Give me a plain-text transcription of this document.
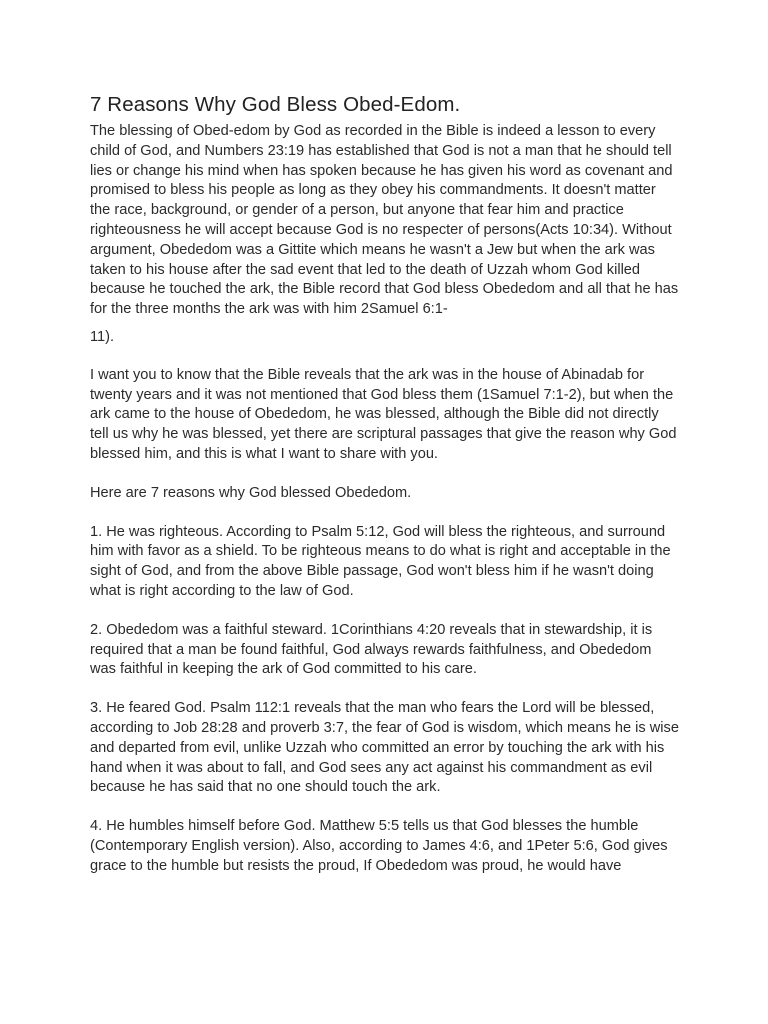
7 Reasons Why God Bless Obed-Edom.

The blessing of Obed-edom by God as recorded in the Bible is indeed a lesson to every child of God, and Numbers 23:19 has established that God is not a man that he should tell lies or change his mind when has spoken because he has given his word as covenant and promised to bless his people as long as they obey his commandments. It doesn't matter the race, background, or gender of a person, but anyone that fear him and practice righteousness he will accept because God is no respecter of persons(Acts 10:34). Without argument, Obededom was a Gittite which means he wasn't a Jew but when the ark was taken to his house after the sad event that led to the death of Uzzah whom God killed because he touched the ark, the Bible record that God bless Obededom and all that he has for the three months the ark was with him 2Samuel 6:1-

11).

I want you to know that the Bible reveals that the ark was in the house of Abinadab for twenty years and it was not mentioned that God bless them (1Samuel 7:1-2), but when the ark came to the house of Obededom, he was blessed, although the Bible did not directly tell us why he was blessed, yet there are scriptural passages that give the reason why God blessed him, and this is what I want to share with you.

Here are 7 reasons why God blessed Obededom.

1. He was righteous. According to Psalm 5:12, God will bless the righteous, and surround him with favor as a shield. To be righteous means to do what is right and acceptable in the sight of God, and from the above Bible passage, God won't bless him if he wasn't doing what is right according to the law of God.

2. Obededom was a faithful steward. 1Corinthians 4:20 reveals that in stewardship, it is required that a man be found faithful, God always rewards faithfulness, and Obededom was faithful in keeping the ark of God committed to his care.

3. He feared God. Psalm 112:1 reveals that the man who fears the Lord will be blessed, according to Job 28:28 and proverb 3:7, the fear of God is wisdom, which means he is wise and departed from evil, unlike Uzzah who committed an error by touching the ark with his hand when it was about to fall, and God sees any act against his commandment as evil because he has said that no one should touch the ark.

4. He humbles himself before God. Matthew 5:5 tells us that God blesses the humble (Contemporary English version). Also, according to James 4:6, and 1Peter 5:6, God gives grace to the humble but resists the proud, If Obededom was proud, he would have
